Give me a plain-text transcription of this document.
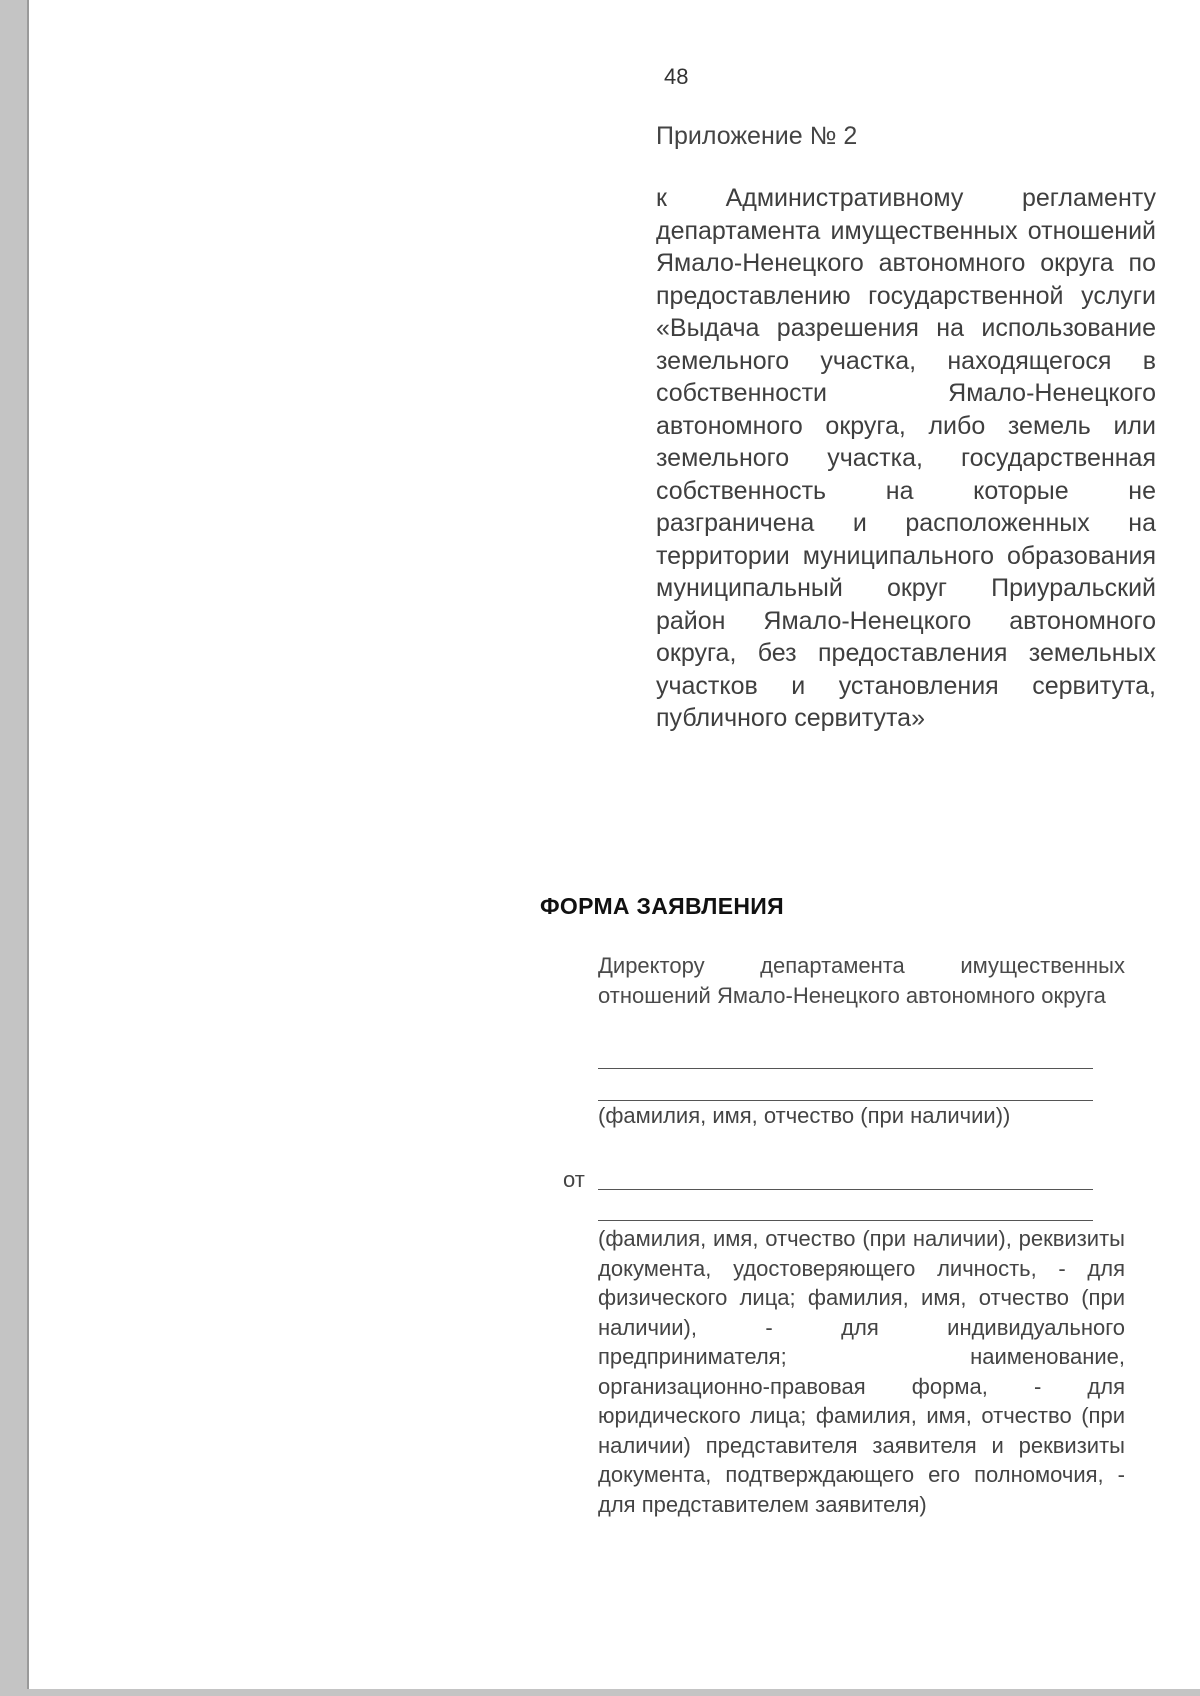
48
Приложение № 2

к Административному регламенту департамента имущественных отношений Ямало-Ненецкого автономного округа по предоставлению государственной услуги «Выдача разрешения на использование земельного участка, находящегося в собственности Ямало-Ненецкого автономного округа, либо земель или земельного участка, государственная собственность на которые не разграничена и расположенных на территории муниципального образования муниципальный округ Приуральский район Ямало-Ненецкого автономного округа, без предоставления земельных участков и установления сервитута, публичного сервитута»

ФОРМА ЗАЯВЛЕНИЯ

Директору департамента имущественных отношений Ямало-Ненецкого автономного округа

(фамилия, имя, отчество (при наличии))

от

(фамилия, имя, отчество (при наличии), реквизиты документа, удостоверяющего личность, - для физического лица; фамилия, имя, отчество (при наличии), - для индивидуального предпринимателя; наименование, организационно-правовая форма, - для юридического лица; фамилия, имя, отчество (при наличии) представителя заявителя и реквизиты документа, подтверждающего его полномочия, - для представителем заявителя)
